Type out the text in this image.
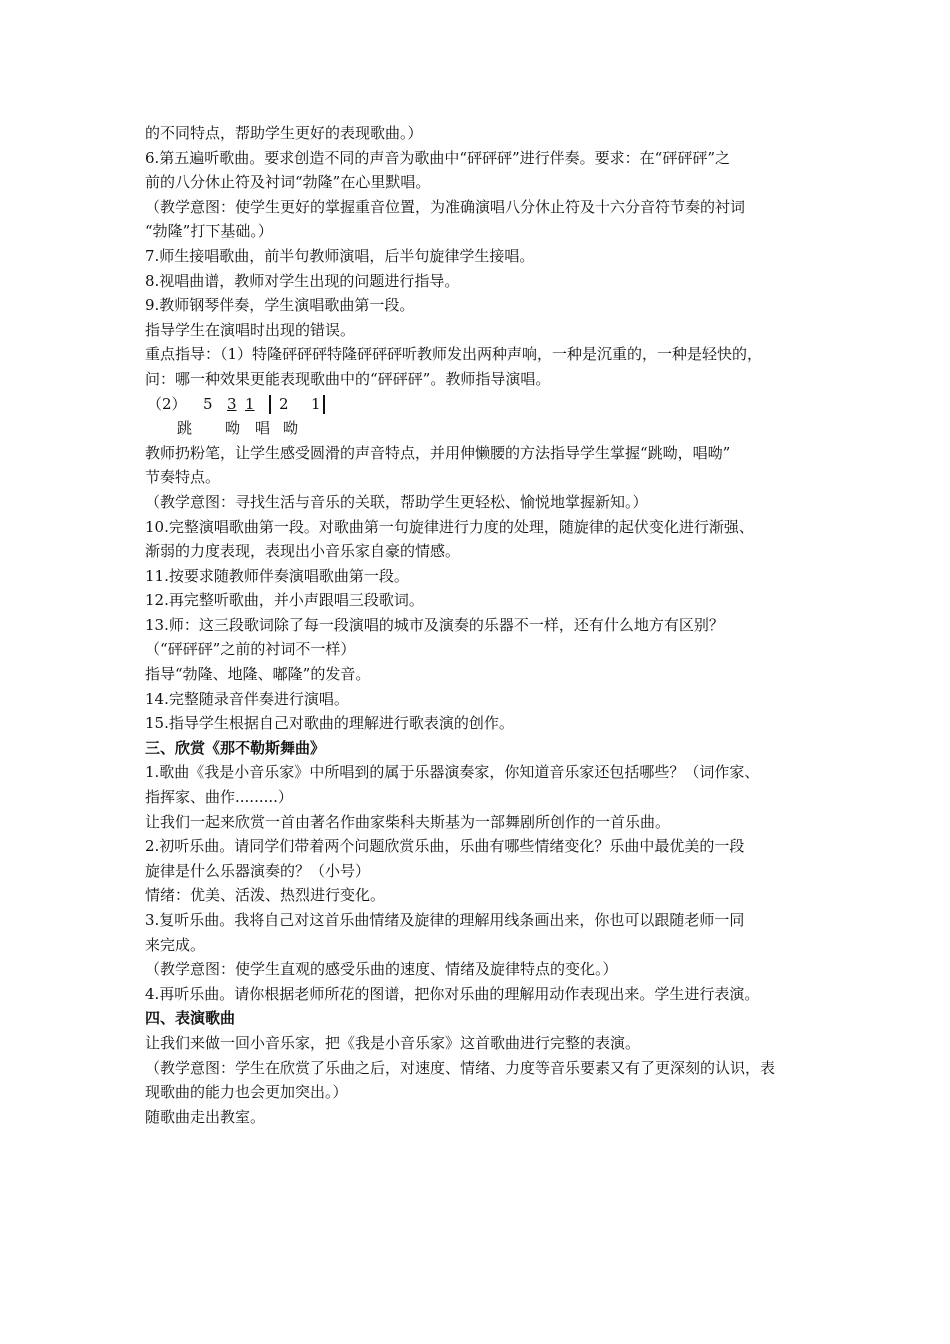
的不同特点，帮助学生更好的表现歌曲。）
6.第五遍听歌曲。要求创造不同的声音为歌曲中“砰砰砰”进行伴奏。要求：在“砰砰砰”之
前的八分休止符及衬词“勃隆”在心里默唱。
（教学意图：使学生更好的掌握重音位置，为准确演唱八分休止符及十六分音符节奏的衬词
“勃隆”打下基础。）
7.师生接唱歌曲，前半句教师演唱，后半句旋律学生接唱。
8.视唱曲谱，教师对学生出现的问题进行指导。
9.教师钢琴伴奏，学生演唱歌曲第一段。
指导学生在演唱时出现的错误。
重点指导：（1）特隆砰砰砰特隆砰砰砰听教师发出两种声响，一种是沉重的，一种是轻快的，
问：哪一种效果更能表现歌曲中的“砰砰砰”。教师指导演唱。
（2） 5 3 1 2 1
跳 呦 唱 呦
教师扔粉笔，让学生感受圆滑的声音特点，并用伸懒腰的方法指导学生掌握“跳呦，唱呦”
节奏特点。
（教学意图：寻找生活与音乐的关联，帮助学生更轻松、愉悦地掌握新知。）
10.完整演唱歌曲第一段。对歌曲第一句旋律进行力度的处理，随旋律的起伏变化进行渐强、
渐弱的力度表现，表现出小音乐家自豪的情感。
11.按要求随教师伴奏演唱歌曲第一段。
12.再完整听歌曲，并小声跟唱三段歌词。
13.师：这三段歌词除了每一段演唱的城市及演奏的乐器不一样，还有什么地方有区别？
（“砰砰砰”之前的衬词不一样）
指导“勃隆、地隆、嘟隆”的发音。
14.完整随录音伴奏进行演唱。
15.指导学生根据自己对歌曲的理解进行歌表演的创作。
三、欣赏《那不勒斯舞曲》
1.歌曲《我是小音乐家》中所唱到的属于乐器演奏家，你知道音乐家还包括哪些？（词作家、
指挥家、曲作.........）
让我们一起来欣赏一首由著名作曲家柴科夫斯基为一部舞剧所创作的一首乐曲。
2.初听乐曲。请同学们带着两个问题欣赏乐曲，乐曲有哪些情绪变化？乐曲中最优美的一段
旋律是什么乐器演奏的？（小号）
情绪：优美、活泼、热烈进行变化。
3.复听乐曲。我将自己对这首乐曲情绪及旋律的理解用线条画出来，你也可以跟随老师一同
来完成。
（教学意图：使学生直观的感受乐曲的速度、情绪及旋律特点的变化。）
4.再听乐曲。请你根据老师所花的图谱，把你对乐曲的理解用动作表现出来。学生进行表演。
四、表演歌曲
让我们来做一回小音乐家，把《我是小音乐家》这首歌曲进行完整的表演。
（教学意图：学生在欣赏了乐曲之后，对速度、情绪、力度等音乐要素又有了更深刻的认识，表
现歌曲的能力也会更加突出。）
随歌曲走出教室。
